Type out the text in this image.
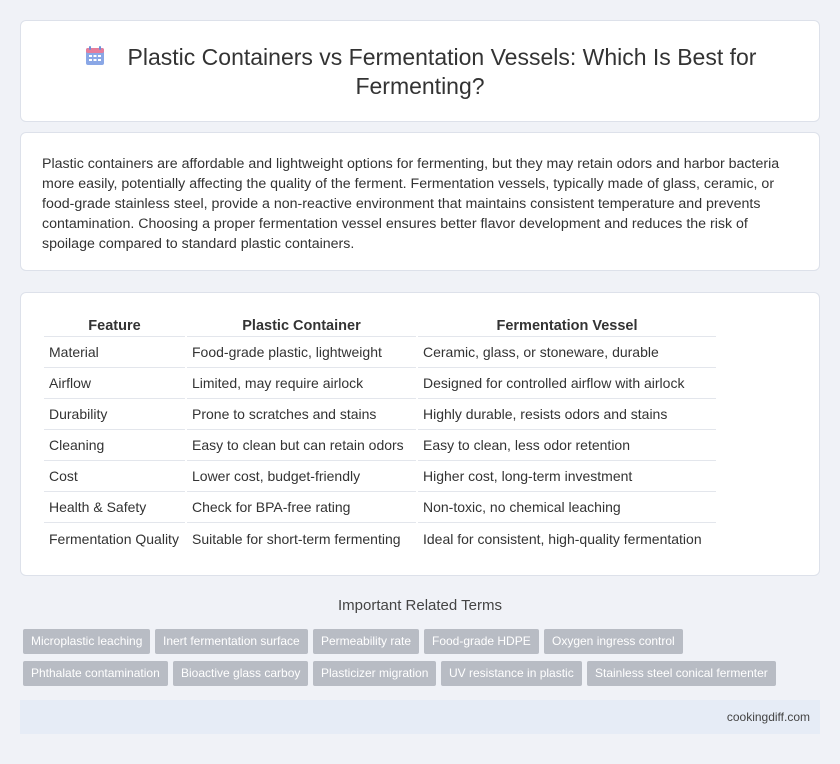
Plastic Containers vs Fermentation Vessels: Which Is Best for Fermenting?

Plastic containers are affordable and lightweight options for fermenting, but they may retain odors and harbor bacteria more easily, potentially affecting the quality of the ferment. Fermentation vessels, typically made of glass, ceramic, or food-grade stainless steel, provide a non-reactive environment that maintains consistent temperature and prevents contamination. Choosing a proper fermentation vessel ensures better flavor development and reduces the risk of spoilage compared to standard plastic containers.

Feature	Plastic Container	Fermentation Vessel
Material	Food-grade plastic, lightweight	Ceramic, glass, or stoneware, durable
Airflow	Limited, may require airlock	Designed for controlled airflow with airlock
Durability	Prone to scratches and stains	Highly durable, resists odors and stains
Cleaning	Easy to clean but can retain odors	Easy to clean, less odor retention
Cost	Lower cost, budget-friendly	Higher cost, long-term investment
Health & Safety	Check for BPA-free rating	Non-toxic, no chemical leaching
Fermentation Quality	Suitable for short-term fermenting	Ideal for consistent, high-quality fermentation
Important Related Terms
Microplastic leaching	Inert fermentation surface	Permeability rate	Food-grade HDPE	Oxygen ingress control
Phthalate contamination	Bioactive glass carboy	Plasticizer migration	UV resistance in plastic	Stainless steel conical fermenter
cookingdiff.com
